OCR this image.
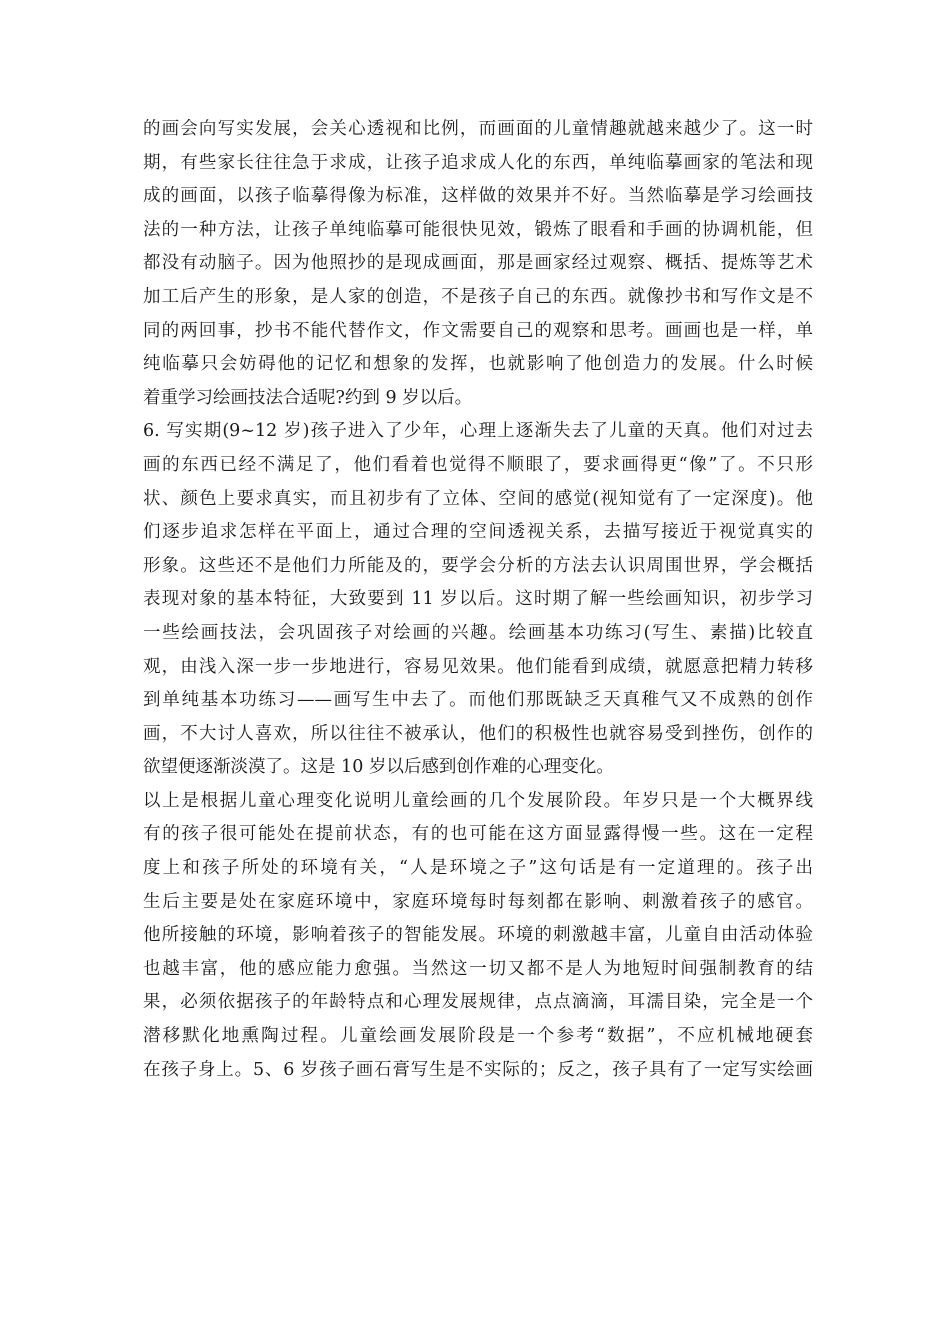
的画会向写实发展，会关心透视和比例，而画面的儿童情趣就越来越少了。这一时
期，有些家长往往急于求成，让孩子追求成人化的东西，单纯临摹画家的笔法和现
成的画面，以孩子临摹得像为标准，这样做的效果并不好。当然临摹是学习绘画技
法的一种方法，让孩子单纯临摹可能很快见效，锻炼了眼看和手画的协调机能，但
都没有动脑子。因为他照抄的是现成画面，那是画家经过观察、概括、提炼等艺术
加工后产生的形象，是人家的创造，不是孩子自己的东西。就像抄书和写作文是不
同的两回事，抄书不能代替作文，作文需要自己的观察和思考。画画也是一样，单
纯临摹只会妨碍他的记忆和想象的发挥，也就影响了他创造力的发展。什么时候
着重学习绘画技法合适呢?约到 9 岁以后。
6. 写实期(9~12 岁)孩子进入了少年，心理上逐渐失去了儿童的天真。他们对过去
画的东西已经不满足了，他们看着也觉得不顺眼了，要求画得更“像”了。不只形
状、颜色上要求真实，而且初步有了立体、空间的感觉(视知觉有了一定深度)。他
们逐步追求怎样在平面上，通过合理的空间透视关系，去描写接近于视觉真实的
形象。这些还不是他们力所能及的，要学会分析的方法去认识周围世界，学会概括
表现对象的基本特征，大致要到 11 岁以后。这时期了解一些绘画知识，初步学习
一些绘画技法，会巩固孩子对绘画的兴趣。绘画基本功练习(写生、素描)比较直
观，由浅入深一步一步地进行，容易见效果。他们能看到成绩，就愿意把精力转移
到单纯基本功练习——画写生中去了。而他们那既缺乏天真稚气又不成熟的创作
画，不大讨人喜欢，所以往往不被承认，他们的积极性也就容易受到挫伤，创作的
欲望便逐渐淡漠了。这是 10 岁以后感到创作难的心理变化。
以上是根据儿童心理变化说明儿童绘画的几个发展阶段。年岁只是一个大概界线
有的孩子很可能处在提前状态，有的也可能在这方面显露得慢一些。这在一定程
度上和孩子所处的环境有关，“人是环境之子”这句话是有一定道理的。孩子出
生后主要是处在家庭环境中，家庭环境每时每刻都在影响、刺激着孩子的感官。
他所接触的环境，影响着孩子的智能发展。环境的刺激越丰富，儿童自由活动体验
也越丰富，他的感应能力愈强。当然这一切又都不是人为地短时间强制教育的结
果，必须依据孩子的年龄特点和心理发展规律，点点滴滴，耳濡目染，完全是一个
潜移默化地熏陶过程。儿童绘画发展阶段是一个参考“数据”，不应机械地硬套
在孩子身上。5、6 岁孩子画石膏写生是不实际的；反之，孩子具有了一定写实绘画
